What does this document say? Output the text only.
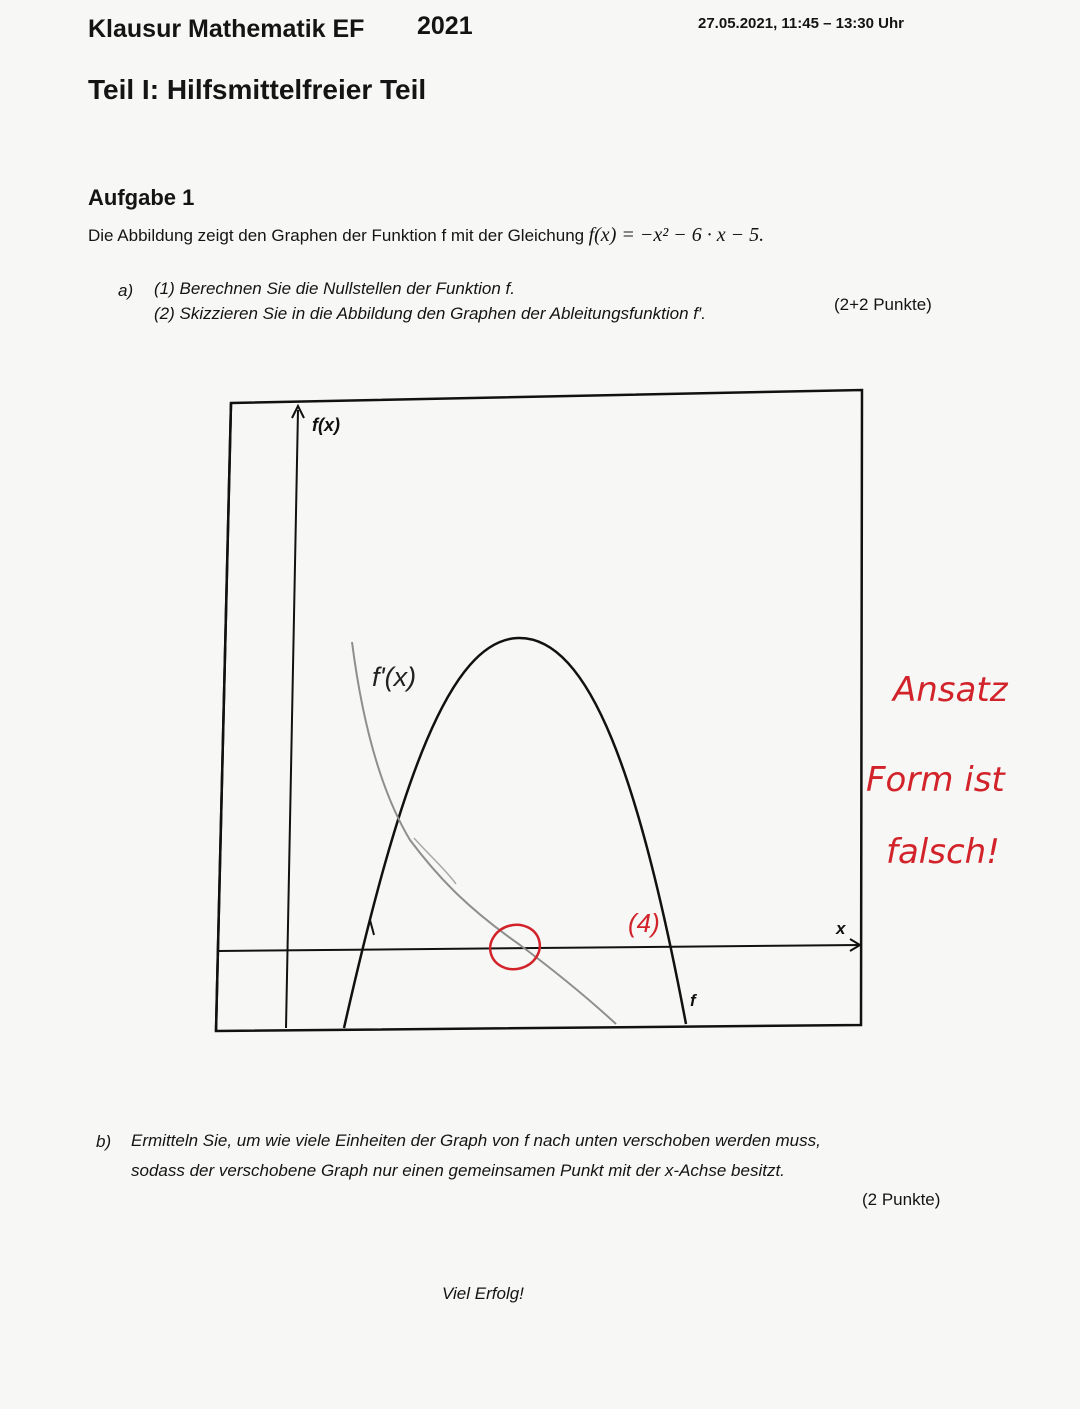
Klausur Mathematik EF 2021	27.05.2021, 11:45 – 13:30 Uhr
Teil I: Hilfsmittelfreier Teil
Aufgabe 1
Die Abbildung zeigt den Graphen der Funktion f mit der Gleichung f(x) = −x² − 6 · x − 5.
a) (1) Berechnen Sie die Nullstellen der Funktion f.
(2) Skizzieren Sie in die Abbildung den Graphen der Ableitungsfunktion f′.	(2+2 Punkte)
f(x)
x
f
f'(x)
(4)
Ansatz
Form ist
falsch!
b) Ermitteln Sie, um wie viele Einheiten der Graph von f nach unten verschoben werden muss,
sodass der verschobene Graph nur einen gemeinsamen Punkt mit der x-Achse besitzt.
(2 Punkte)
Viel Erfolg!
